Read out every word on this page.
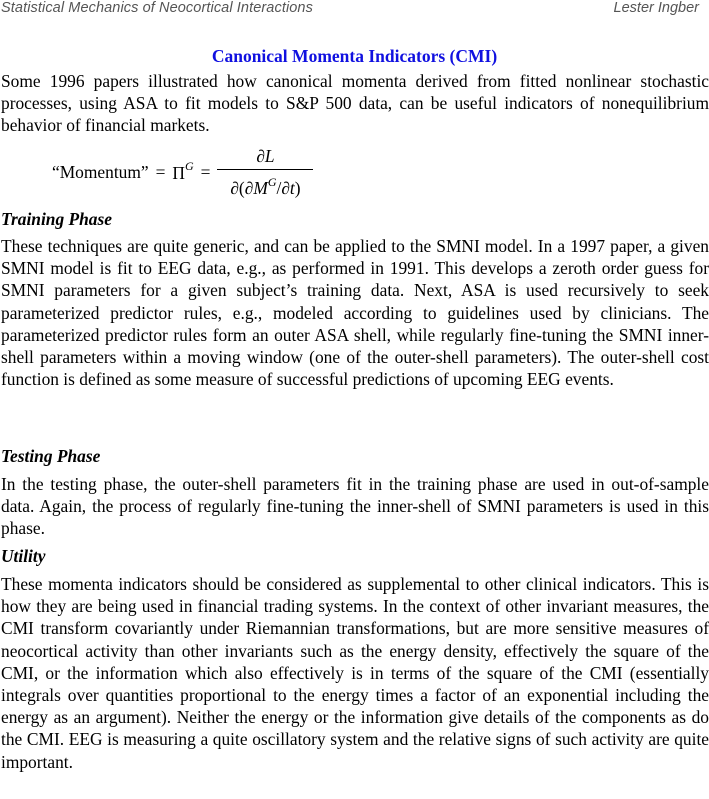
Statistical Mechanics of Neocortical Interactions	Lester Ingber
Canonical Momenta Indicators (CMI)

Some 1996 papers illustrated how canonical momenta derived from fitted nonlinear stochastic processes, using ASA to fit models to S&P 500 data, can be useful indicators of nonequilibrium behavior of financial markets.

“Momentum” = $\Pi^G = \frac{\partial L}{\partial(\partial M^G/\partial t)}$
Training Phase

These techniques are quite generic, and can be applied to the SMNI model. In a 1997 paper, a given SMNI model is fit to EEG data, e.g., as performed in 1991. This develops a zeroth order guess for SMNI parameters for a given subject’s training data. Next, ASA is used recursively to seek parameterized predictor rules, e.g., modeled according to guidelines used by clinicians. The parameterized predictor rules form an outer ASA shell, while regularly fine-tuning the SMNI inner-shell parameters within a moving window (one of the outer-shell parameters). The outer-shell cost function is defined as some measure of successful predictions of upcoming EEG events.

Testing Phase

In the testing phase, the outer-shell parameters fit in the training phase are used in out-of-sample data. Again, the process of regularly fine-tuning the inner-shell of SMNI parameters is used in this phase.

Utility

These momenta indicators should be considered as supplemental to other clinical indicators. This is how they are being used in financial trading systems. In the context of other invariant measures, the CMI transform covariantly under Riemannian transformations, but are more sensitive measures of neocortical activity than other invariants such as the energy density, effectively the square of the CMI, or the information which also effectively is in terms of the square of the CMI (essentially integrals over quantities proportional to the energy times a factor of an exponential including the energy as an argument). Neither the energy or the information give details of the components as do the CMI. EEG is measuring a quite oscillatory system and the relative signs of such activity are quite important.
